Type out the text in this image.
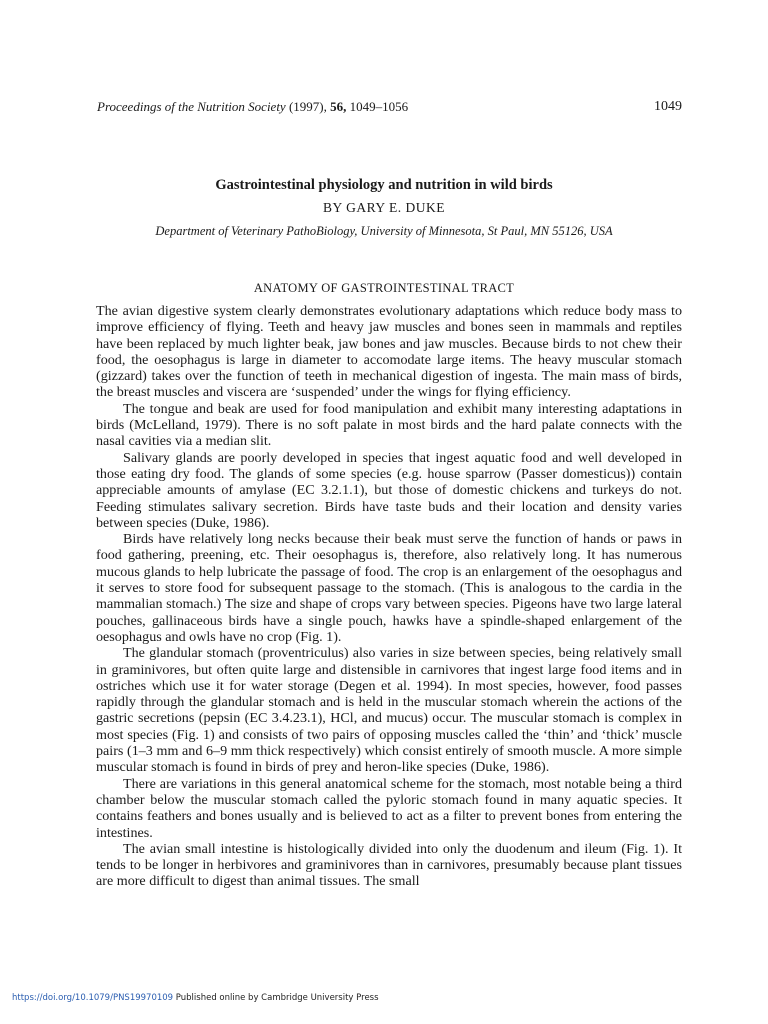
Proceedings of the Nutrition Society (1997), 56, 1049–1056	1049
Gastrointestinal physiology and nutrition in wild birds
BY GARY E. DUKE
Department of Veterinary PathoBiology, University of Minnesota, St Paul, MN 55126, USA
ANATOMY OF GASTROINTESTINAL TRACT

The avian digestive system clearly demonstrates evolutionary adaptations which reduce body mass to improve efficiency of flying. Teeth and heavy jaw muscles and bones seen in mammals and reptiles have been replaced by much lighter beak, jaw bones and jaw muscles. Because birds to not chew their food, the oesophagus is large in diameter to accomodate large items. The heavy muscular stomach (gizzard) takes over the function of teeth in mechanical digestion of ingesta. The main mass of birds, the breast muscles and viscera are ‘suspended’ under the wings for flying efficiency.

The tongue and beak are used for food manipulation and exhibit many interesting adaptations in birds (McLelland, 1979). There is no soft palate in most birds and the hard palate connects with the nasal cavities via a median slit.

Salivary glands are poorly developed in species that ingest aquatic food and well developed in those eating dry food. The glands of some species (e.g. house sparrow (Passer domesticus)) contain appreciable amounts of amylase (EC 3.2.1.1), but those of domestic chickens and turkeys do not. Feeding stimulates salivary secretion. Birds have taste buds and their location and density varies between species (Duke, 1986).

Birds have relatively long necks because their beak must serve the function of hands or paws in food gathering, preening, etc. Their oesophagus is, therefore, also relatively long. It has numerous mucous glands to help lubricate the passage of food. The crop is an enlargement of the oesophagus and it serves to store food for subsequent passage to the stomach. (This is analogous to the cardia in the mammalian stomach.) The size and shape of crops vary between species. Pigeons have two large lateral pouches, gallinaceous birds have a single pouch, hawks have a spindle-shaped enlargement of the oesophagus and owls have no crop (Fig. 1).

The glandular stomach (proventriculus) also varies in size between species, being relatively small in graminivores, but often quite large and distensible in carnivores that ingest large food items and in ostriches which use it for water storage (Degen et al. 1994). In most species, however, food passes rapidly through the glandular stomach and is held in the muscular stomach wherein the actions of the gastric secretions (pepsin (EC 3.4.23.1), HCl, and mucus) occur. The muscular stomach is complex in most species (Fig. 1) and consists of two pairs of opposing muscles called the ‘thin’ and ‘thick’ muscle pairs (1–3 mm and 6–9 mm thick respectively) which consist entirely of smooth muscle. A more simple muscular stomach is found in birds of prey and heron-like species (Duke, 1986).

There are variations in this general anatomical scheme for the stomach, most notable being a third chamber below the muscular stomach called the pyloric stomach found in many aquatic species. It contains feathers and bones usually and is believed to act as a filter to prevent bones from entering the intestines.

The avian small intestine is histologically divided into only the duodenum and ileum (Fig. 1). It tends to be longer in herbivores and graminivores than in carnivores, presumably because plant tissues are more difficult to digest than animal tissues. The small

https://doi.org/10.1079/PNS19970109 Published online by Cambridge University Press
